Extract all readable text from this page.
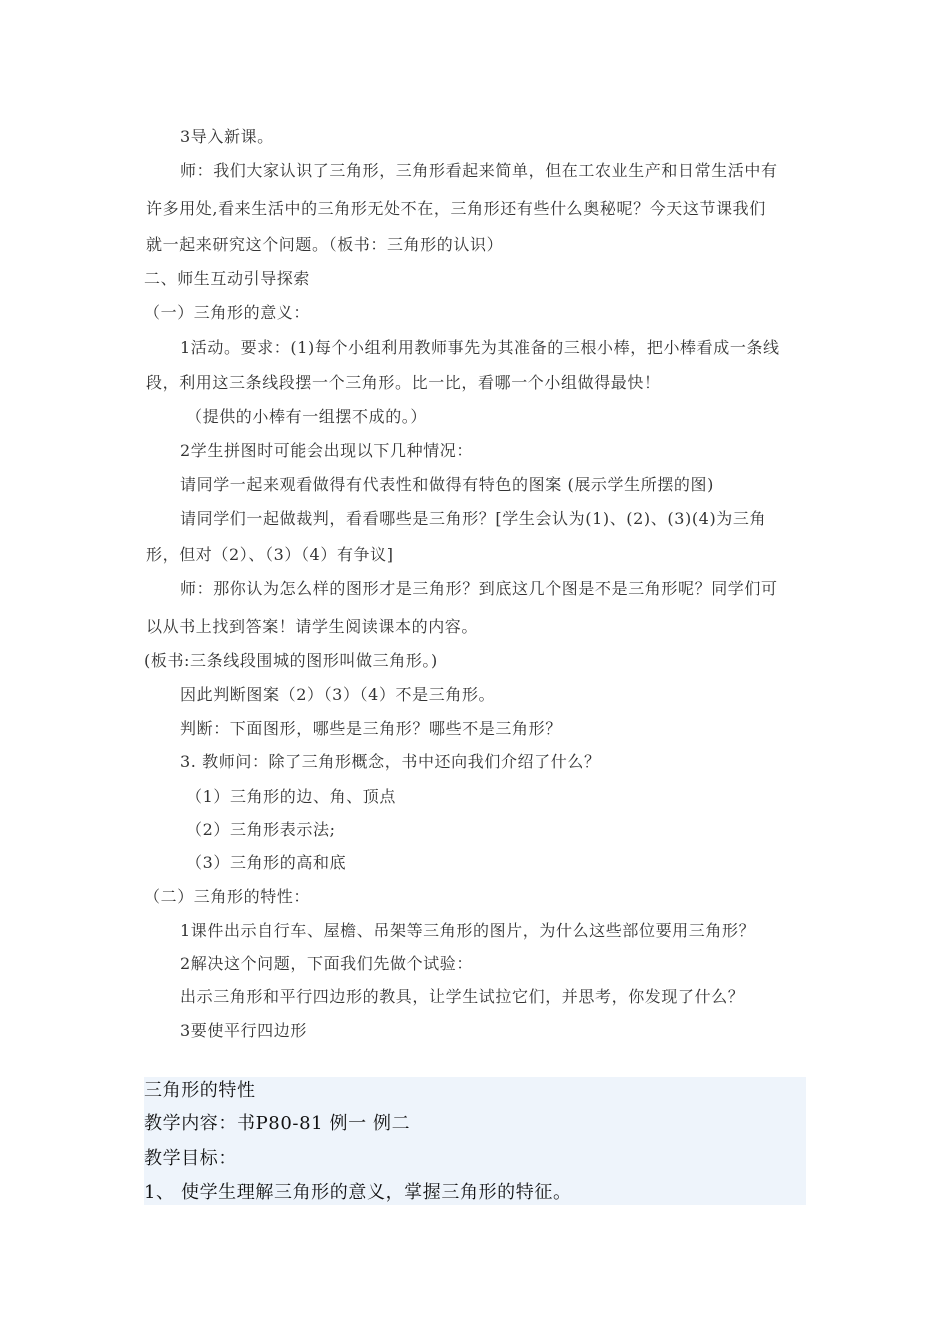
3导入新课。
师：我们大家认识了三角形，三角形看起来简单，但在工农业生产和日常生活中有
许多用处,看来生活中的三角形无处不在，三角形还有些什么奥秘呢？今天这节课我们
就一起来研究这个问题。（板书：三角形的认识）
二、师生互动引导探索
（一）三角形的意义：
1活动。要求：(1)每个小组利用教师事先为其准备的三根小棒，把小棒看成一条线
段，利用这三条线段摆一个三角形。比一比，看哪一个小组做得最快！
（提供的小棒有一组摆不成的。）
2学生拼图时可能会出现以下几种情况：
请同学一起来观看做得有代表性和做得有特色的图案 (展示学生所摆的图)
请同学们一起做裁判，看看哪些是三角形？[学生会认为(1)、(2)、(3)(4)为三角
形，但对（2）、（3）（4）有争议]
师：那你认为怎么样的图形才是三角形？到底这几个图是不是三角形呢？同学们可
以从书上找到答案！请学生阅读课本的内容。
(板书:三条线段围城的图形叫做三角形。)
因此判断图案（2）（3）（4）不是三角形。
判断：下面图形，哪些是三角形？哪些不是三角形？
3. 教师问：除了三角形概念，书中还向我们介绍了什么？
（1）三角形的边、角、顶点
（2）三角形表示法;
（3）三角形的高和底
（二）三角形的特性：
1课件出示自行车、屋檐、吊架等三角形的图片，为什么这些部位要用三角形？
2解决这个问题，下面我们先做个试验：
出示三角形和平行四边形的教具，让学生试拉它们，并思考，你发现了什么？
3要使平行四边形
三角形的特性
教学内容：书P80-81 例一 例二
教学目标：
1、 使学生理解三角形的意义，掌握三角形的特征。
